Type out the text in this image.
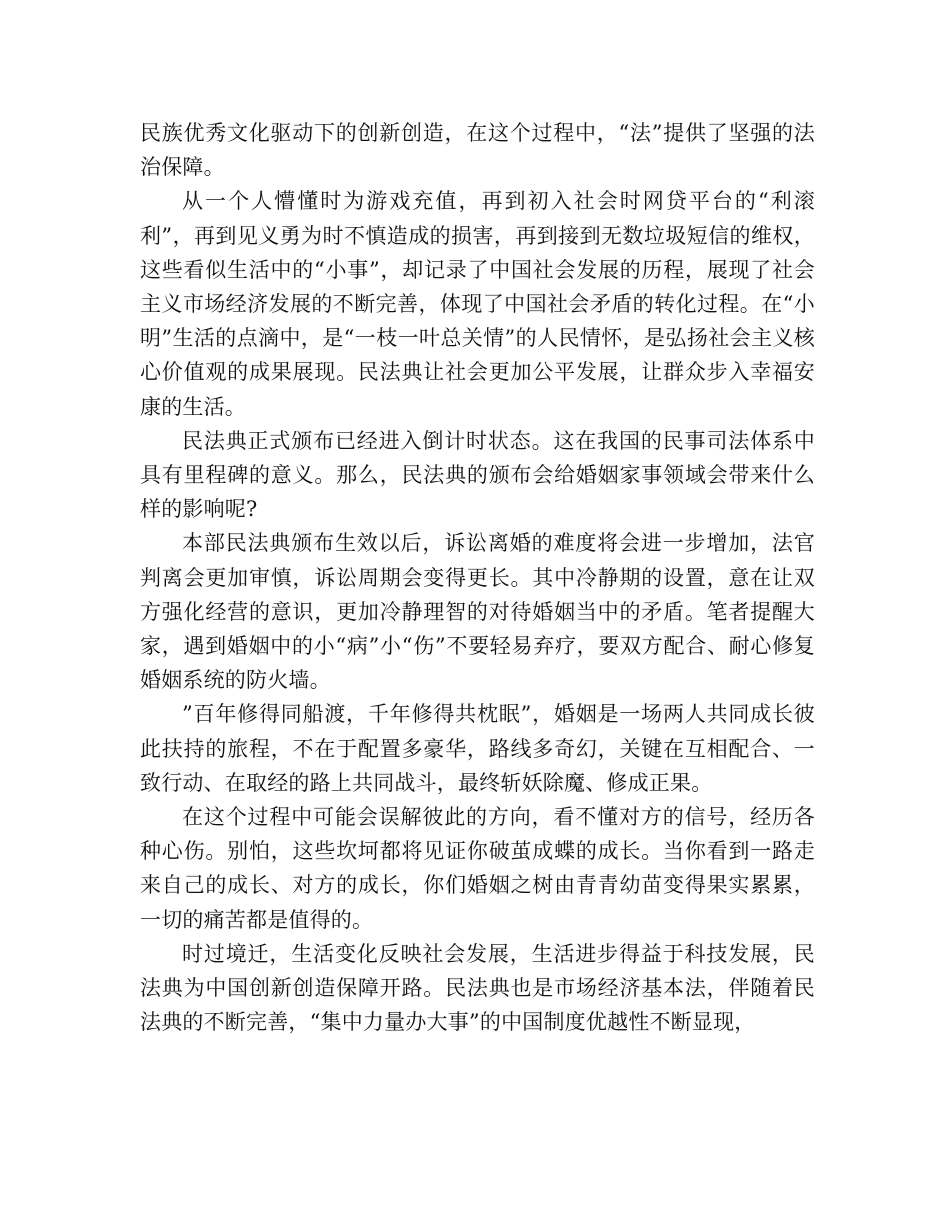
民族优秀文化驱动下的创新创造，在这个过程中，“法”提供了坚强的法治保障。

从一个人懵懂时为游戏充值，再到初入社会时网贷平台的“利滚利”，再到见义勇为时不慎造成的损害，再到接到无数垃圾短信的维权，这些看似生活中的“小事”，却记录了中国社会发展的历程，展现了社会主义市场经济发展的不断完善，体现了中国社会矛盾的转化过程。在“小明”生活的点滴中，是“一枝一叶总关情”的人民情怀，是弘扬社会主义核心价值观的成果展现。民法典让社会更加公平发展，让群众步入幸福安康的生活。

民法典正式颁布已经进入倒计时状态。这在我国的民事司法体系中具有里程碑的意义。那么，民法典的颁布会给婚姻家事领域会带来什么样的影响呢?

本部民法典颁布生效以后，诉讼离婚的难度将会进一步增加，法官判离会更加审慎，诉讼周期会变得更长。其中冷静期的设置，意在让双方强化经营的意识，更加冷静理智的对待婚姻当中的矛盾。笔者提醒大家，遇到婚姻中的小“病”小“伤”不要轻易弃疗，要双方配合、耐心修复婚姻系统的防火墙。

”百年修得同船渡，千年修得共枕眠”，婚姻是一场两人共同成长彼此扶持的旅程，不在于配置多豪华，路线多奇幻，关键在互相配合、一致行动、在取经的路上共同战斗，最终斩妖除魔、修成正果。

在这个过程中可能会误解彼此的方向，看不懂对方的信号，经历各种心伤。别怕，这些坎坷都将见证你破茧成蝶的成长。当你看到一路走来自己的成长、对方的成长，你们婚姻之树由青青幼苗变得果实累累，一切的痛苦都是值得的。

时过境迁，生活变化反映社会发展，生活进步得益于科技发展，民法典为中国创新创造保障开路。民法典也是市场经济基本法，伴随着民法典的不断完善，“集中力量办大事”的中国制度优越性不断显现，
